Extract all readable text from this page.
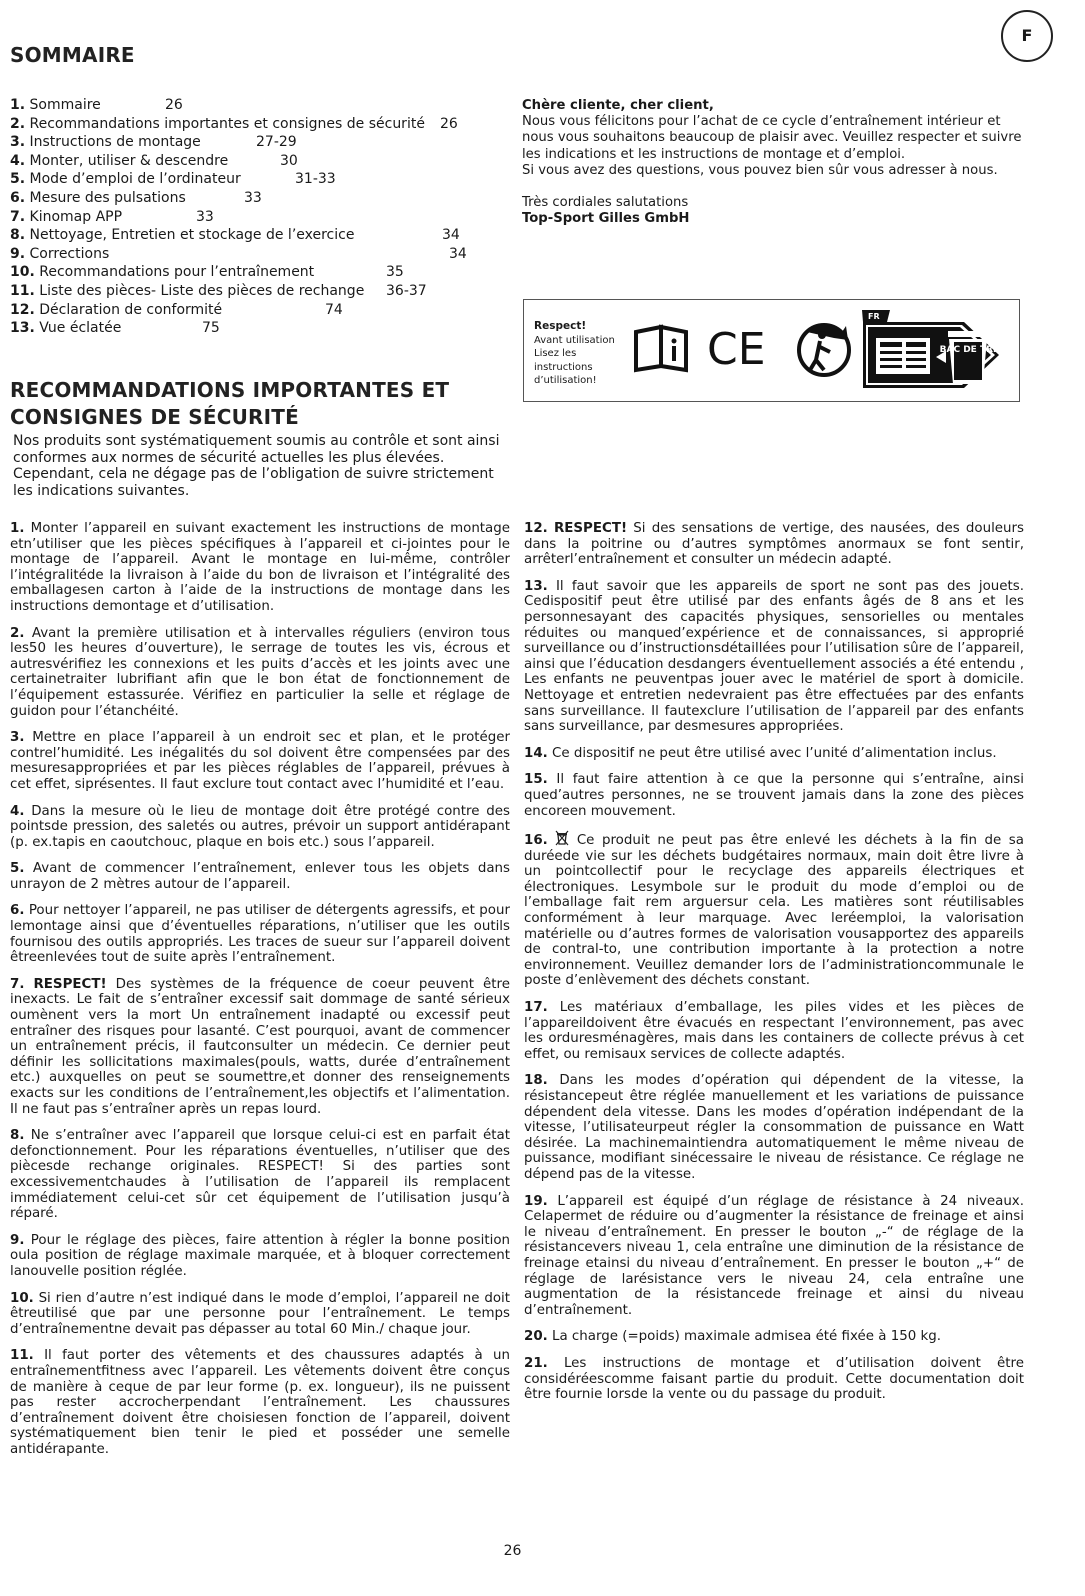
F
SOMMAIRE
1. Sommaire	26
2. Recommandations importantes et consignes de sécurité 26
3. Instructions de montage	27-29
4. Monter, utiliser & descendre	30
5. Mode d’emploi de l’ordinateur	31-33
6. Mesure des pulsations	33
7. Kinomap APP	33
8. Nettoyage, Entretien et stockage de l’exercice	34
9. Corrections	34
10. Recommandations pour l’entraînement	35
11. Liste des pièces- Liste des pièces de rechange 36-37
12. Déclaration de conformité	74
13. Vue éclatée	75

Chère cliente, cher client,

Nous vous félicitons pour l’achat de ce cycle d’entraînement intérieur et nous vous souhaitons beaucoup de plaisir avec. Veuillez respecter et suivre les indications et les instructions de montage et d’emploi.

Si vous avez des questions, vous pouvez bien sûr vous adresser à nous.

Très cordiales salutations

Top-Sport Gilles GmbH

Respect!
Avant utilisation Lisez les instructions d’utilisation!
CE
FR
BAC DE TRI
RECOMMANDATIONS IMPORTANTES ET CONSIGNES DE SÉCURITÉ
Nos produits sont systématiquement soumis au contrôle et sont ainsi conformes aux normes de sécurité actuelles les plus élevées. Cependant, cela ne dégage pas de l’obligation de suivre strictement les indications suivantes.

1. Monter l’appareil en suivant exactement les instructions de montage etn’utiliser que les pièces spécifiques à l’appareil et ci-jointes pour le montage de l’appareil. Avant le montage en lui-même, contrôler l’intégralitéde la livraison à l’aide du bon de livraison et l’intégralité des emballagesen carton à l’aide de la instructions de montage dans les instructions demontage et d’utilisation.

2. Avant la première utilisation et à intervalles réguliers (environ tous les50 les heures d’ouverture), le serrage de toutes les vis, écrous et autresvérifiez les connexions et les puits d’accès et les joints avec une certainetraiter lubrifiant afin que le bon état de fonctionnement de l’équipement estassurée. Vérifiez en particulier la selle et réglage de guidon pour l’étanchéité.

3. Mettre en place l’appareil à un endroit sec et plan, et le protéger contrel’humidité. Les inégalités du sol doivent être compensées par des mesuresappropriées et par les pièces réglables de l’appareil, prévues à cet effet, siprésentes. Il faut exclure tout contact avec l’humidité et l’eau.

4. Dans la mesure où le lieu de montage doit être protégé contre des pointsde pression, des saletés ou autres, prévoir un support antidérapant (p. ex.tapis en caoutchouc, plaque en bois etc.) sous l’appareil.

5. Avant de commencer l’entraînement, enlever tous les objets dans unrayon de 2 mètres autour de l’appareil.

6. Pour nettoyer l’appareil, ne pas utiliser de détergents agressifs, et pour lemontage ainsi que d’éventuelles réparations, n’utiliser que les outils fournisou des outils appropriés. Les traces de sueur sur l’appareil doivent êtreenlevées tout de suite après l’entraînement.

7. RESPECT! Des systèmes de la fréquence de coeur peuvent être inexacts. Le fait de s’entraîner excessif sait dommage de santé sérieux oumènent vers la mort Un entraînement inadapté ou excessif peut entraîner des risques pour lasanté. C’est pourquoi, avant de commencer un entraînement précis, il fautconsulter un médecin. Ce dernier peut définir les sollicitations maximales(pouls, watts, durée d’entraînement etc.) auxquelles on peut se soumettre,et donner des renseignements exacts sur les conditions de l’entraînement,les objectifs et l’alimentation. Il ne faut pas s’entraîner après un repas lourd.

8. Ne s’entraîner avec l’appareil que lorsque celui-ci est en parfait état defonctionnement. Pour les réparations éventuelles, n’utiliser que des piècesde rechange originales. RESPECT! Si des parties sont excessivementchaudes à l’utilisation de l’appareil ils remplacent immédiatement celui-cet sûr cet équipement de l’utilisation jusqu’à réparé.

9. Pour le réglage des pièces, faire attention à régler la bonne position oula position de réglage maximale marquée, et à bloquer correctement lanouvelle position réglée.

10. Si rien d’autre n’est indiqué dans le mode d’emploi, l’appareil ne doit êtreutilisé que par une personne pour l’entraînement. Le temps d’entraînementne devait pas dépasser au total 60 Min./ chaque jour.

11. Il faut porter des vêtements et des chaussures adaptés à un entraînementfitness avec l’appareil. Les vêtements doivent être conçus de manière à ceque de par leur forme (p. ex. longueur), ils ne puissent pas rester accrocherpendant l’entraînement. Les chaussures d’entraînement doivent être choisiesen fonction de l’appareil, doivent systématiquement bien tenir le pied et posséder une semelle antidérapante.

12. RESPECT! Si des sensations de vertige, des nausées, des douleurs dans la poitrine ou d’autres symptômes anormaux se font sentir, arrêterl’entraînement et consulter un médecin adapté.

13. Il faut savoir que les appareils de sport ne sont pas des jouets. Cedispositif peut être utilisé par des enfants âgés de 8 ans et les personnesayant des capacités physiques, sensorielles ou mentales réduites ou manqued’expérience et de connaissances, si approprié surveillance ou d’instructionsdétaillées pour l’utilisation sûre de l’appareil, ainsi que l’éducation desdangers éventuellement associés a été entendu , Les enfants ne peuventpas jouer avec le matériel de sport à domicile. Nettoyage et entretien nedevraient pas être effectuées par des enfants sans surveillance. Il fautexclure l’utilisation de l’appareil par des enfants sans surveillance, par desmesures appropriées.

14. Ce dispositif ne peut être utilisé avec l’unité d’alimentation inclus.

15. Il faut faire attention à ce que la personne qui s’entraîne, ainsi qued’autres personnes, ne se trouvent jamais dans la zone des pièces encoreen mouvement.

16. Ce produit ne peut pas être enlevé les déchets à la fin de sa duréede vie sur les déchets budgétaires normaux, main doit être livre à un pointcollectif pour le recyclage des appareils électriques et électroniques. Lesymbole sur le produit du mode d’emploi ou de l’emballage fait rem arguersur cela. Les matières sont réutilisables conformément à leur marquage. Avec leréemploi, la valorisation matérielle ou d’autres formes de valorisation vousapportez des appareils de contral-to, une contribution importante à la protection a notre environnement. Veuillez demander lors de l’administrationcommunale le poste d’enlèvement des déchets constant.

17. Les matériaux d’emballage, les piles vides et les pièces de l’appareildoivent être évacués en respectant l’environnement, pas avec les orduresménagères, mais dans les containers de collecte prévus à cet effet, ou remisaux services de collecte adaptés.

18. Dans les modes d’opération qui dépendent de la vitesse, la résistancepeut être réglée manuellement et les variations de puissance dépendent dela vitesse. Dans les modes d’opération indépendant de la vitesse, l’utilisateurpeut régler la consommation de puissance en Watt désirée. La machinemaintiendra automatiquement le même niveau de puissance, modifiant sinécessaire le niveau de résistance. Ce réglage ne dépend pas de la vitesse.

19. L’appareil est équipé d’un réglage de résistance à 24 niveaux. Celapermet de réduire ou d’augmenter la résistance de freinage et ainsi le niveau d’entraînement. En presser le bouton „-“ de réglage de la résistancevers niveau 1, cela entraîne une diminution de la résistance de freinage etainsi du niveau d’entraînement. En presser le bouton „+“ de réglage de larésistance vers le niveau 24, cela entraîne une augmentation de la résistancede freinage et ainsi du niveau d’entraînement.

20. La charge (=poids) maximale admisea été fixée à 150 kg.

21. Les instructions de montage et d’utilisation doivent être considéréescomme faisant partie du produit. Cette documentation doit être fournie lorsde la vente ou du passage du produit.

26
